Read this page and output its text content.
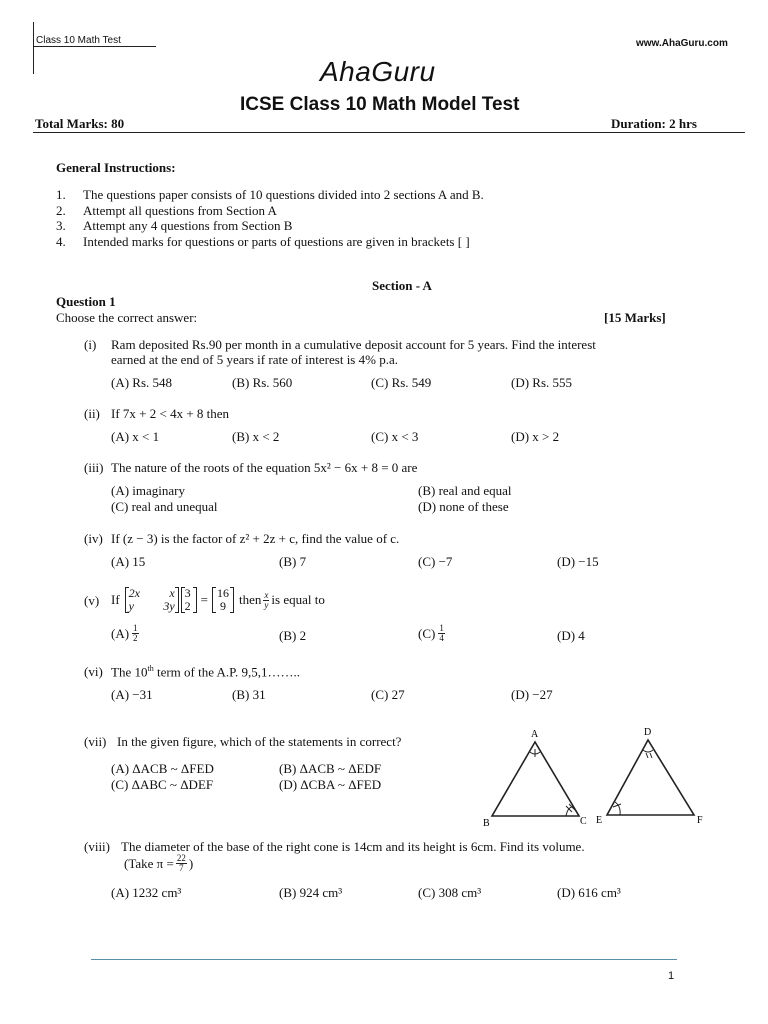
Class 10 Math Test	www.AhaGuru.com
AhaGuru
ICSE Class 10 Math Model Test
Total Marks: 80	Duration: 2 hrs
General Instructions:
1. The questions paper consists of 10 questions divided into 2 sections A and B.
2. Attempt all questions from Section A
3. Attempt any 4 questions from Section B
4. Intended marks for questions or parts of questions are given in brackets [ ]
Section - A
Question 1
Choose the correct answer:	[15 Marks]
(i) Ram deposited Rs.90 per month in a cumulative deposit account for 5 years. Find the interest
earned at the end of 5 years if rate of interest is 4% p.a.
(A) Rs. 548	(B) Rs. 560	(C) Rs. 549	(D) Rs. 555
(ii) If 7x + 2 < 4x + 8 then
(A) x < 1	(B) x < 2	(C) x < 3	(D) x > 2
(iii) The nature of the roots of the equation 5x² − 6x + 8 = 0 are
(A) imaginary	(B) real and equal
(C) real and unequal	(D) none of these
(iv) If (z − 3) is the factor of z² + 2z + c, find the value of c.
(A) 15	(B) 7	(C) −7	(D) −15
(v) If 2x	x
y	3y
3
2 = 16
9	then $\frac{x}{y}$ is equal to
$(A) \frac{1}{2}$	(B) 2	$(C) \frac{1}{4}$	(D) 4
(vi) The 10th term of the A.P. 9,5,1……..
(A) −31	(B) 31	(C) 27	(D) −27
(vii) In the given figure, which of the statements in correct?
(A) ΔACB ~ ΔFED	(B) ΔACB ~ ΔEDF
(C) ΔABC ~ ΔDEF	(D) ΔCBA ~ ΔFED
A
B	C
D
E	F
(viii) The diameter of the base of the right cone is 14cm and its height is 6cm. Find its volume.
(Take $\pi = \frac{22}{7}$ )
(A) 1232 cm³	(B) 924 cm³	(C) 308 cm³	(D) 616 cm³
1
